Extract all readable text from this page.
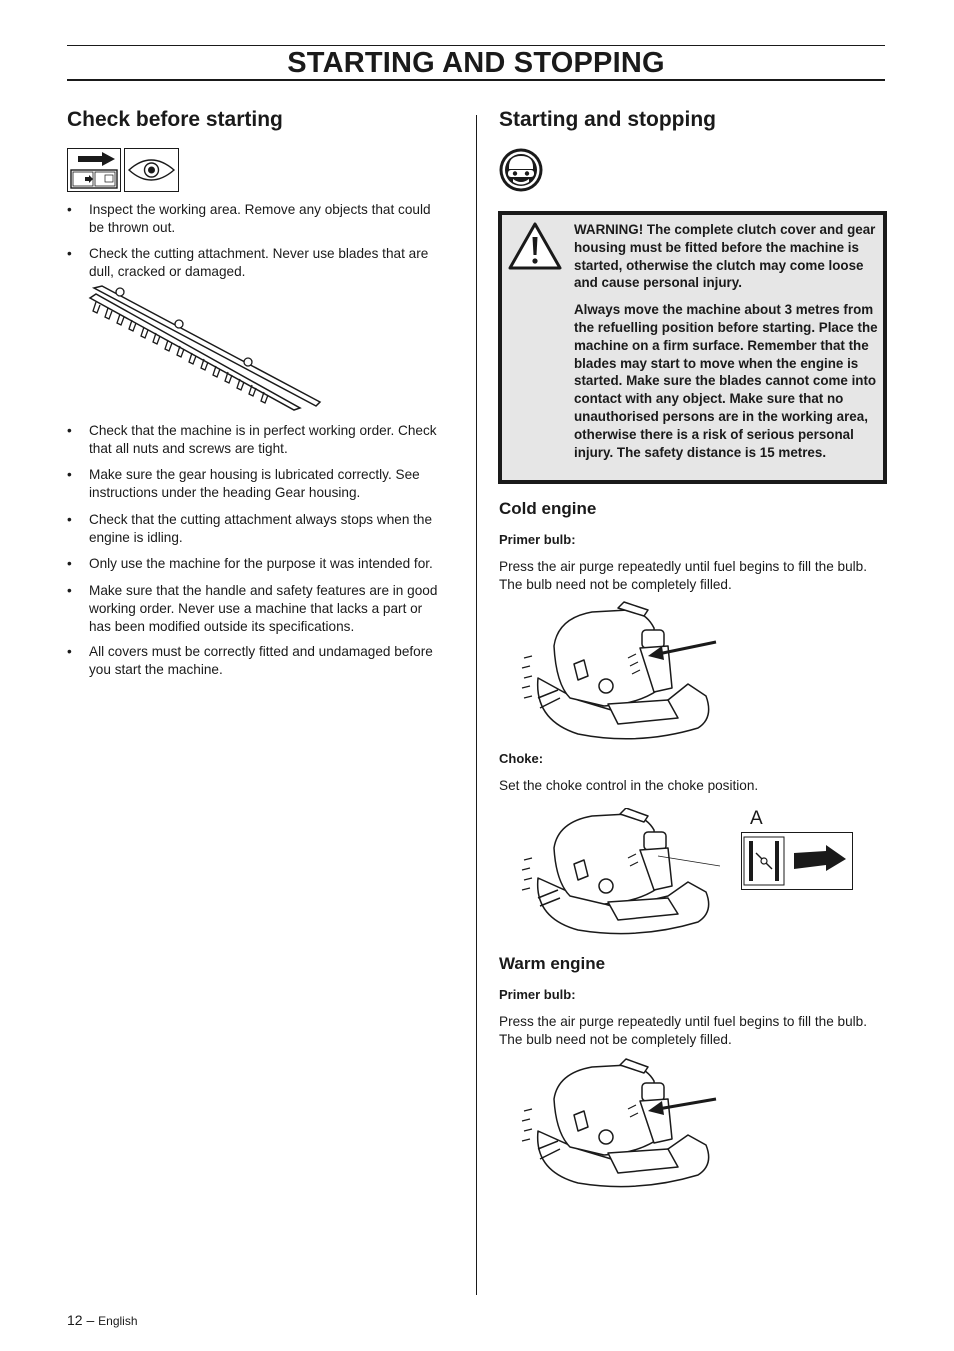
STARTING AND STOPPING
Check before starting
• Inspect the working area. Remove any objects that could be thrown out.
• Check the cutting attachment. Never use blades that are dull, cracked or damaged.
• Check that the machine is in perfect working order. Check that all nuts and screws are tight.
• Make sure the gear housing is lubricated correctly. See instructions under the heading Gear housing.
• Check that the cutting attachment always stops when the engine is idling.
• Only use the machine for the purpose it was intended for.
• Make sure that the handle and safety features are in good working order. Never use a machine that lacks a part or has been modified outside its specifications.
• All covers must be correctly fitted and undamaged before you start the machine.
Starting and stopping

WARNING! The complete clutch cover and gear housing must be fitted before the machine is started, otherwise the clutch may come loose and cause personal injury.

Always move the machine about 3 metres from the refuelling position before starting. Place the machine on a firm surface. Remember that the blades may start to move when the engine is started. Make sure the blades cannot come into contact with any object. Make sure that no unauthorised persons are in the working area, otherwise there is a risk of serious personal injury. The safety distance is 15 metres.

Cold engine
Primer bulb:

Press the air purge repeatedly until fuel begins to fill the bulb. The bulb need not be completely filled.

Choke:

Set the choke control in the choke position.

A
Warm engine
Primer bulb:

Press the air purge repeatedly until fuel begins to fill the bulb. The bulb need not be completely filled.

12 – English
